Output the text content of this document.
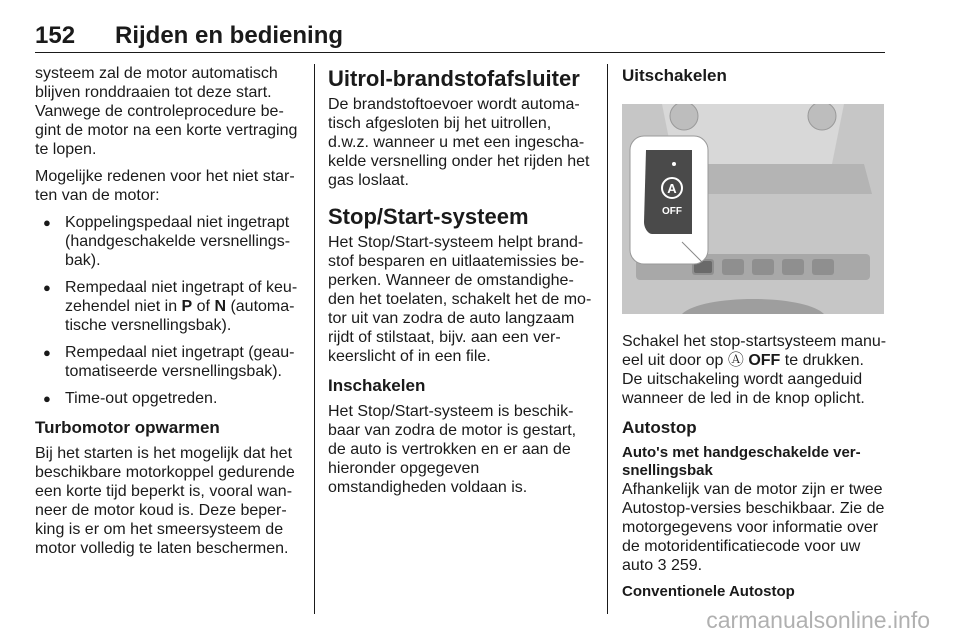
152 Rijden en bediening

systeem zal de motor automatisch blijven ronddraaien tot deze start. Vanwege de controleprocedure begint de motor na een korte vertraging te lopen.

Mogelijke redenen voor het niet starten van de motor:

● Koppelingspedaal niet ingetrapt (handgeschakelde versnellingsbak).
● Rempedaal niet ingetrapt of keuzehendel niet in P of N (automatische versnellingsbak).
● Rempedaal niet ingetrapt (geautomatiseerde versnellingsbak).
● Time-out opgetreden.
Turbomotor opwarmen

Bij het starten is het mogelijk dat het beschikbare motorkoppel gedurende een korte tijd beperkt is, vooral wanneer de motor koud is. Deze beperking is er om het smeersysteem de motor volledig te laten beschermen.

Uitrol-brandstofafsluiter

De brandstoftoevoer wordt automatisch afgesloten bij het uitrollen, d.w.z. wanneer u met een ingeschakelde versnelling onder het rijden het gas loslaat.

Stop/Start-systeem

Het Stop/Start-systeem helpt brandstof besparen en uitlaatemissies beperken. Wanneer de omstandigheden het toelaten, schakelt het de motor uit van zodra de auto langzaam rijdt of stilstaat, bijv. aan een verkeerslicht of in een file.

Inschakelen

Het Stop/Start-systeem is beschikbaar van zodra de motor is gestart, de auto is vertrokken en er aan de hieronder opgegeven omstandigheden voldaan is.

Uitschakelen
A
OFF

Schakel het stop-startsysteem manueel uit door op Ⓐ OFF te drukken. De uitschakeling wordt aangeduid wanneer de led in de knop oplicht.

Autostop
Auto's met handgeschakelde versnellingsbak

Afhankelijk van de motor zijn er twee Autostop-versies beschikbaar. Zie de motorgegevens voor informatie over de motoridentificatiecode voor uw auto 3 259.

Conventionele Autostop
carmanualsonline.info
